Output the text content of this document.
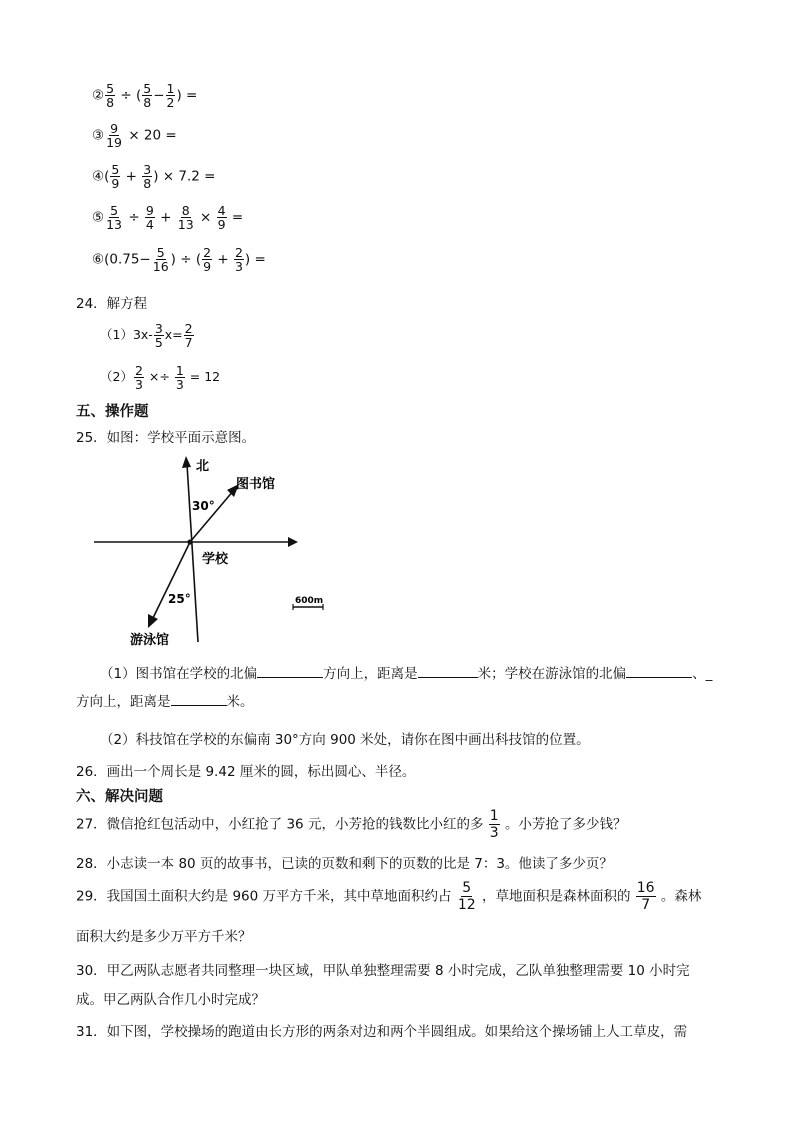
② $\frac{5}{8}$ ÷ ( $\frac{5}{8} - \frac{1}{2}$ ) =
③ $\frac{9}{19} \times 20$ =
④( $\frac{5}{9} + \frac{3}{8}$ ) × 7.2 =
⑤ $\frac{5}{13} \div \frac{9}{4} + \frac{8}{13} \times \frac{4}{9}$ =
⑥(0.75− $\frac{5}{16}$ ) ÷ ( $\frac{2}{9} + \frac{2}{3}$ ) =
24．解方程
$(1)3x- \frac{3}{5} x= \frac{2}{7}$
$(2) \frac{2}{3} \times\div \frac{1}{3} = 12$
五、操作题
25．如图：学校平面示意图。
北
图书馆
30°
学校
25°
游泳馆
600m
（1）图书馆在学校的北偏	方向上，距离是	米；学校在游泳馆的北偏	、_
方向上，距离是	米。
（2）科技馆在学校的东偏南 30°方向 900 米处，请你在图中画出科技馆的位置。
26．画出一个周长是 9.42 厘米的圆，标出圆心、半径。
六、解决问题
27．微信抢红包活动中，小红抢了 36 元，小芳抢的钱数比小红的多 $\frac{1}{3}$ 。小芳抢了多少钱？
28．小志读一本 80 页的故事书，已读的页数和剩下的页数的比是 7：3。他读了多少页？
29．我国国土面积大约是 960 万平方千米，其中草地面积约占 $\frac{5}{12}$ ，草地面积是森林面积的 $\frac{16}{7}$ 。森林
面积大约是多少万平方千米？
30．甲乙两队志愿者共同整理一块区域，甲队单独整理需要 8 小时完成，乙队单独整理需要 10 小时完
成。甲乙两队合作几小时完成？
31．如下图，学校操场的跑道由长方形的两条对边和两个半圆组成。如果给这个操场铺上人工草皮，需
